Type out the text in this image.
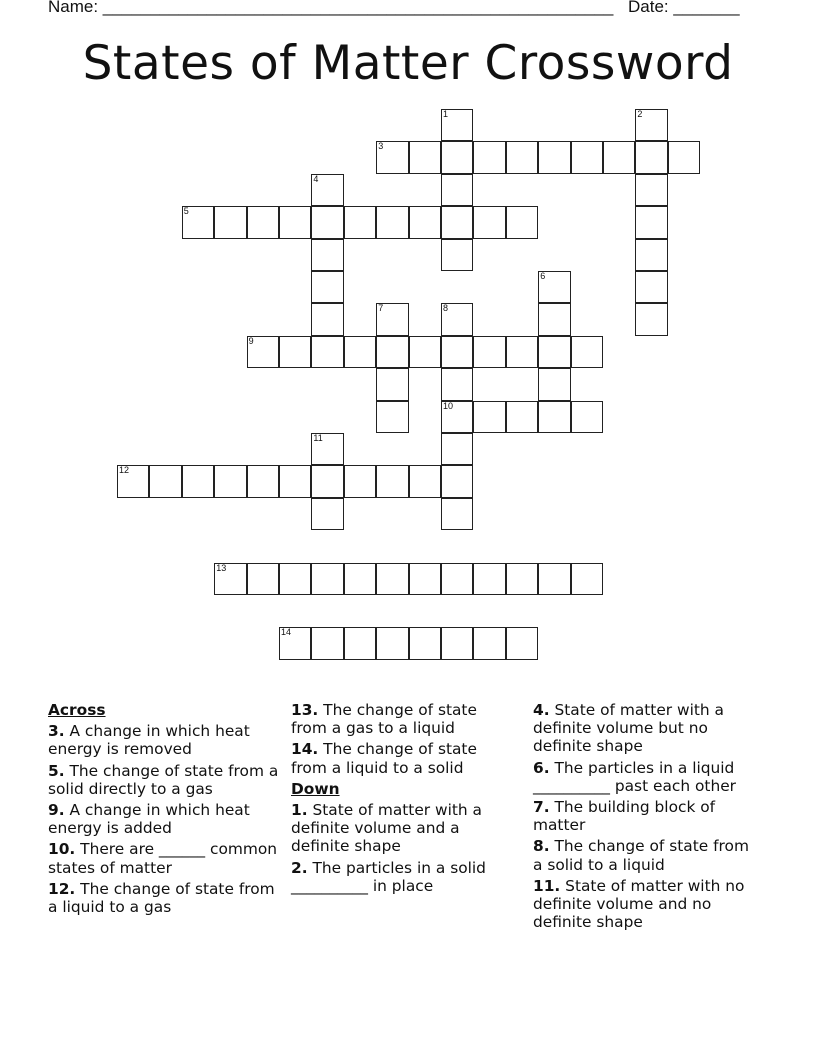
Name: ______________________________________________________ Date: _______
States of Matter Crossword
1	2
3
4
5
6
7	8
10
9
11
12
13
14
Across
3. A change in which heat energy is removed
5. The change of state from a solid directly to a gas
9. A change in which heat energy is added
10. There are ______ common states of matter
12. The change of state from a liquid to a gas
13. The change of state from a gas to a liquid
14. The change of state from a liquid to a solid
Down
1. State of matter with a definite volume and a definite shape
2. The particles in a solid __________ in place
4. State of matter with a definite volume but no definite shape
6. The particles in a liquid __________ past each other
7. The building block of matter
8. The change of state from a solid to a liquid
11. State of matter with no definite volume and no definite shape
